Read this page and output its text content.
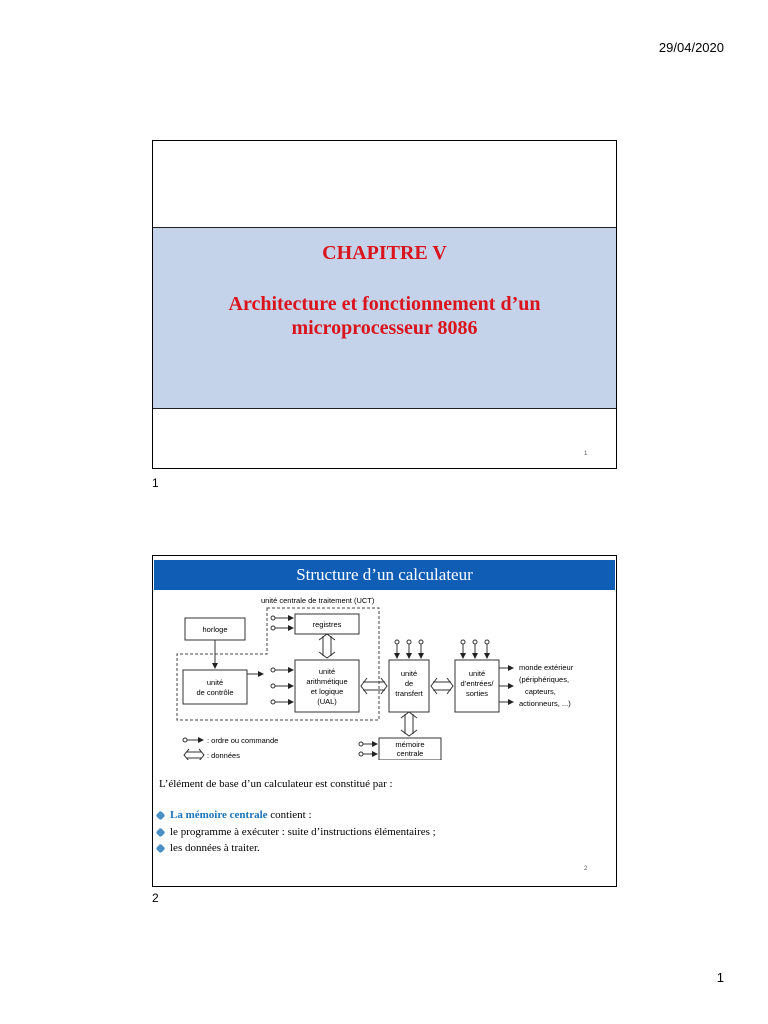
29/04/2020
CHAPITRE V
Architecture et fonctionnement d’un microprocesseur 8086
1
1
Structure d’un calculateur
unité centrale de traitement (UCT)
horloge
registres
unité
de contrôle
unité
arithmétique
et logique
(UAL)
unité
de
transfert
unité
d’entrées/
sorties
monde extérieur
(périphériques,
capteurs,
actionneurs, ...)
mémoire
centrale
: ordre ou commande
: données
L’élément de base d’un calculateur est constitué par :
La mémoire centrale contient :
le programme à exécuter : suite d’instructions élémentaires ;
les données à traiter.
2
2
1
